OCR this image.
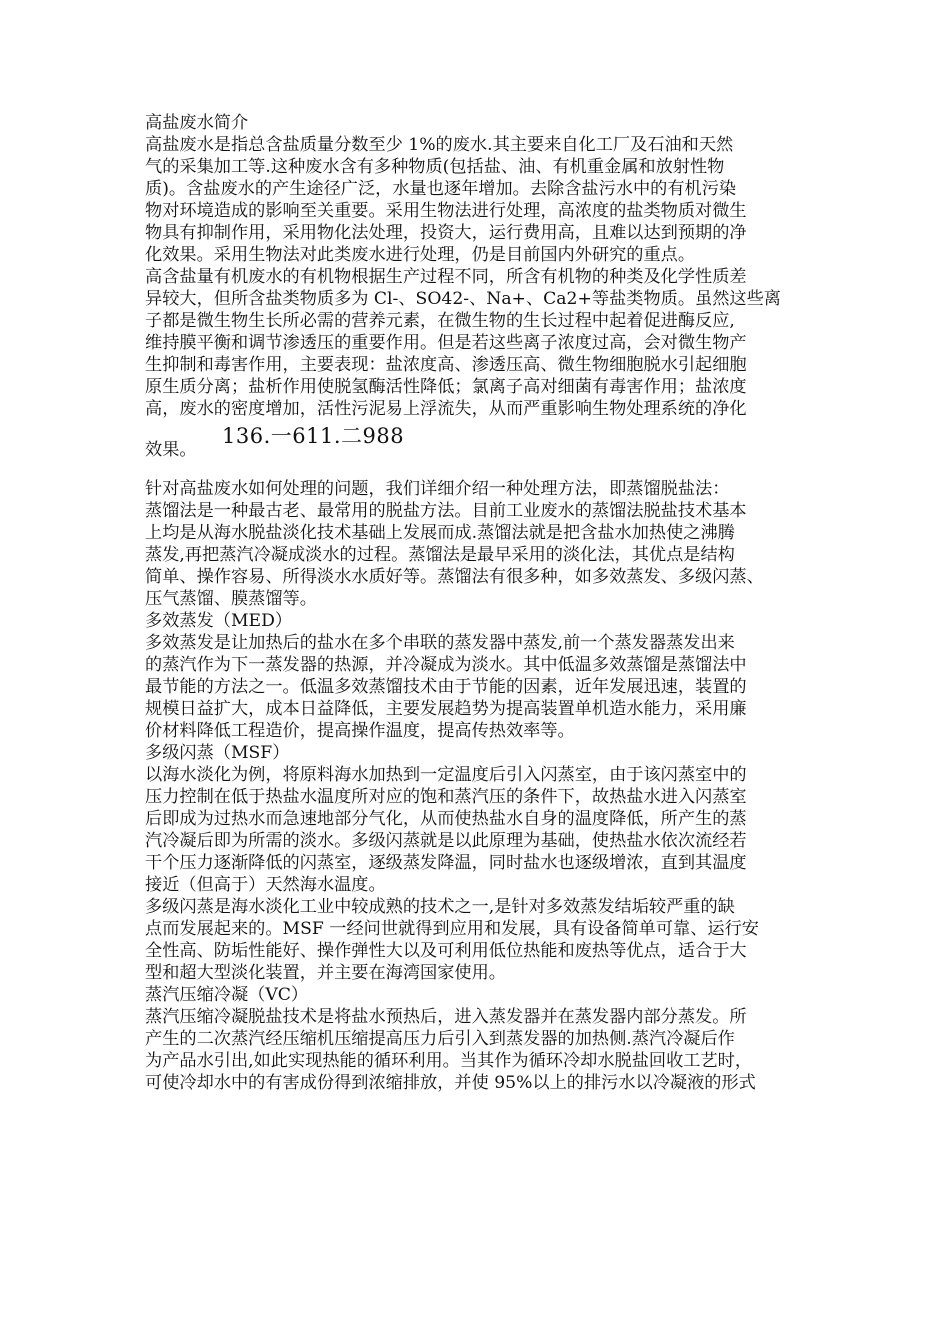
高盐废水简介

高盐废水是指总含盐质量分数至少 1%的废水.其主要来自化工厂及石油和天然

气的采集加工等.这种废水含有多种物质(包括盐、油、有机重金属和放射性物

质)。含盐废水的产生途径广泛，水量也逐年增加。去除含盐污水中的有机污染

物对环境造成的影响至关重要。采用生物法进行处理，高浓度的盐类物质对微生

物具有抑制作用，采用物化法处理，投资大，运行费用高，且难以达到预期的净

化效果。采用生物法对此类废水进行处理，仍是目前国内外研究的重点。

高含盐量有机废水的有机物根据生产过程不同，所含有机物的种类及化学性质差

异较大，但所含盐类物质多为 Cl-、SO42-、Na+、Ca2+等盐类物质。虽然这些离

子都是微生物生长所必需的营养元素，在微生物的生长过程中起着促进酶反应,

维持膜平衡和调节渗透压的重要作用。但是若这些离子浓度过高，会对微生物产

生抑制和毒害作用，主要表现：盐浓度高、渗透压高、微生物细胞脱水引起细胞

原生质分离；盐析作用使脱氢酶活性降低；氯离子高对细菌有毒害作用；盐浓度

高，废水的密度增加，活性污泥易上浮流失，从而严重影响生物处理系统的净化

效果。
136.一611.二988

针对高盐废水如何处理的问题，我们详细介绍一种处理方法，即蒸馏脱盐法：

蒸馏法是一种最古老、最常用的脱盐方法。目前工业废水的蒸馏法脱盐技术基本

上均是从海水脱盐淡化技术基础上发展而成.蒸馏法就是把含盐水加热使之沸腾

蒸发,再把蒸汽冷凝成淡水的过程。蒸馏法是最早采用的淡化法，其优点是结构

简单、操作容易、所得淡水水质好等。蒸馏法有很多种，如多效蒸发、多级闪蒸、

压气蒸馏、膜蒸馏等。

多效蒸发（MED）

多效蒸发是让加热后的盐水在多个串联的蒸发器中蒸发,前一个蒸发器蒸发出来

的蒸汽作为下一蒸发器的热源，并冷凝成为淡水。其中低温多效蒸馏是蒸馏法中

最节能的方法之一。低温多效蒸馏技术由于节能的因素，近年发展迅速，装置的

规模日益扩大，成本日益降低，主要发展趋势为提高装置单机造水能力，采用廉

价材料降低工程造价，提高操作温度，提高传热效率等。

多级闪蒸（MSF）

以海水淡化为例，将原料海水加热到一定温度后引入闪蒸室，由于该闪蒸室中的

压力控制在低于热盐水温度所对应的饱和蒸汽压的条件下，故热盐水进入闪蒸室

后即成为过热水而急速地部分气化，从而使热盐水自身的温度降低，所产生的蒸

汽冷凝后即为所需的淡水。多级闪蒸就是以此原理为基础，使热盐水依次流经若

干个压力逐渐降低的闪蒸室，逐级蒸发降温，同时盐水也逐级增浓，直到其温度

接近（但高于）天然海水温度。

多级闪蒸是海水淡化工业中较成熟的技术之一,是针对多效蒸发结垢较严重的缺

点而发展起来的。MSF 一经问世就得到应用和发展，具有设备简单可靠、运行安

全性高、防垢性能好、操作弹性大以及可利用低位热能和废热等优点，适合于大

型和超大型淡化装置，并主要在海湾国家使用。

蒸汽压缩冷凝（VC）

蒸汽压缩冷凝脱盐技术是将盐水预热后，进入蒸发器并在蒸发器内部分蒸发。所

产生的二次蒸汽经压缩机压缩提高压力后引入到蒸发器的加热侧.蒸汽冷凝后作

为产品水引出,如此实现热能的循环利用。当其作为循环冷却水脱盐回收工艺时，

可使冷却水中的有害成份得到浓缩排放，并使 95%以上的排污水以冷凝液的形式
